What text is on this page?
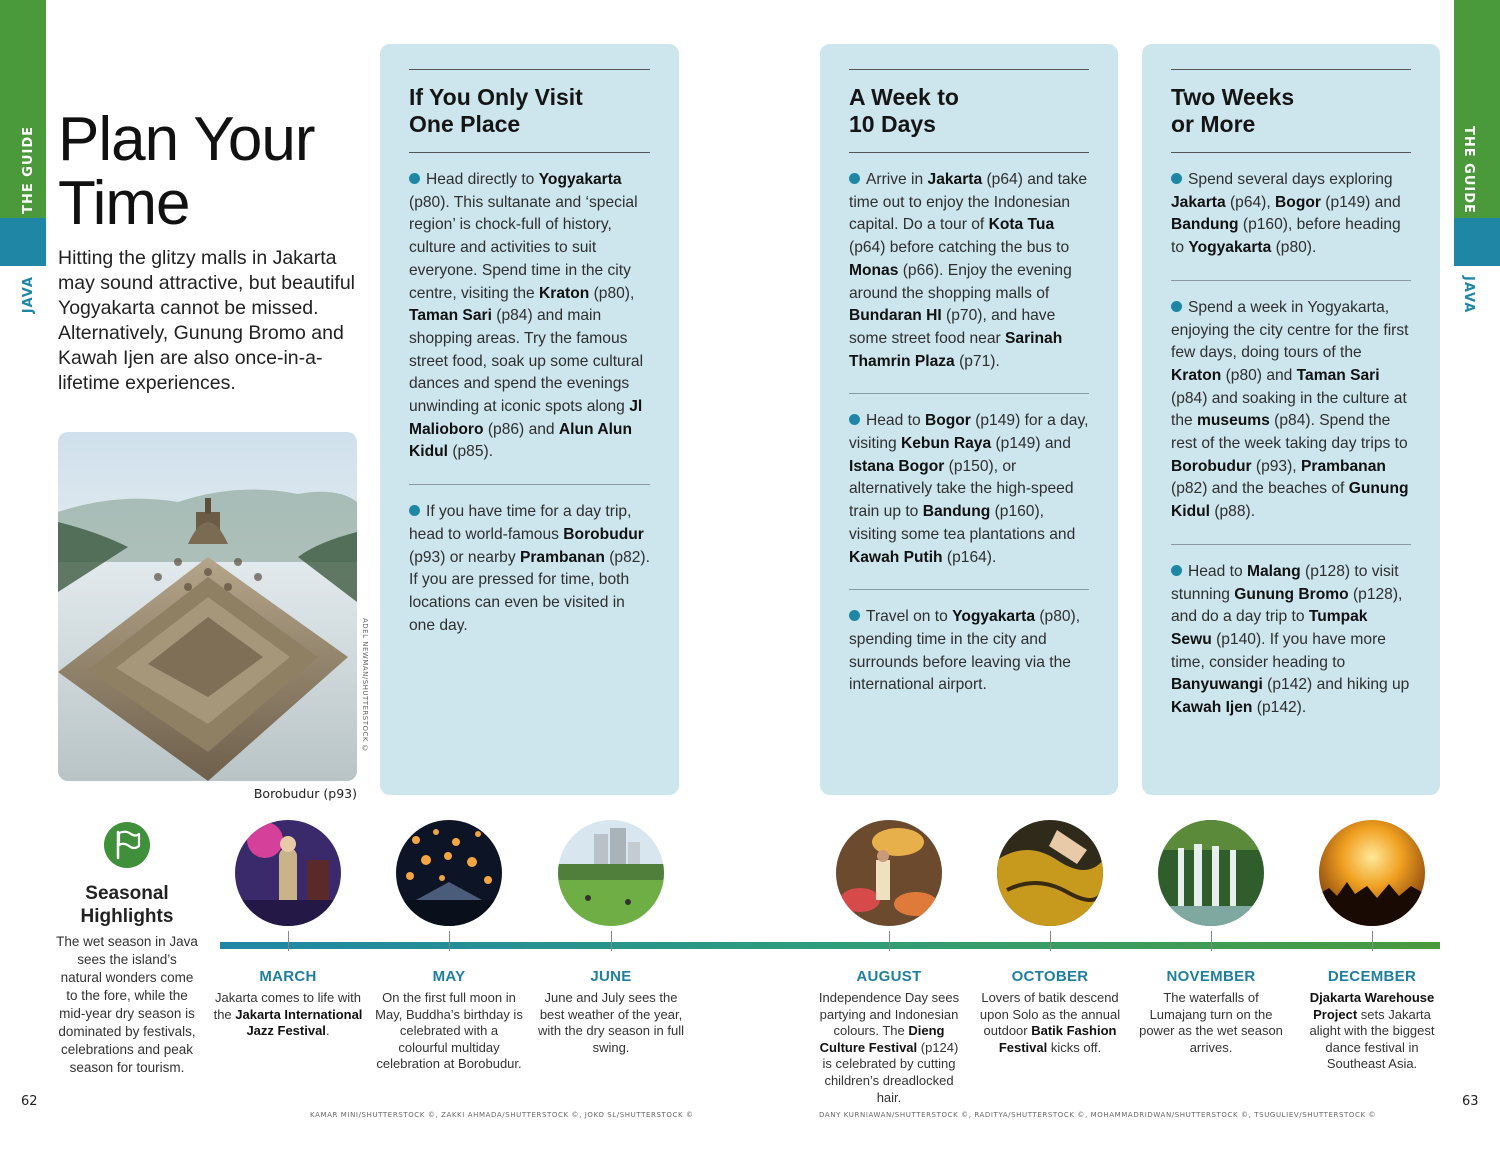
THE GUIDE
JAVA
THE GUIDE
JAVA
Plan Your
Time
Hitting the glitzy malls in Jakarta may sound attractive, but beautiful Yogyakarta cannot be missed. Alternatively, Gunung Bromo and Kawah Ijen are also once-in-a-lifetime experiences.
ADEL NEWMAN/SHUTTERSTOCK ©
Borobudur (p93)
If You Only Visit
One Place
Head directly to Yogyakarta (p80). This sultanate and ‘special region’ is chock-full of history, culture and activities to suit everyone. Spend time in the city centre, visiting the Kraton (p80), Taman Sari (p84) and main shopping areas. Try the famous street food, soak up some cultural dances and spend the evenings unwinding at iconic spots along Jl Malioboro (p86) and Alun Alun Kidul (p85).
If you have time for a day trip, head to world-famous Borobudur (p93) or nearby Prambanan (p82). If you are pressed for time, both locations can even be visited in one day.
A Week to
10 Days
Arrive in Jakarta (p64) and take time out to enjoy the Indonesian capital. Do a tour of Kota Tua (p64) before catching the bus to Monas (p66). Enjoy the evening around the shopping malls of Bundaran HI (p70), and have some street food near Sarinah Thamrin Plaza (p71).
Head to Bogor (p149) for a day, visiting Kebun Raya (p149) and Istana Bogor (p150), or alternatively take the high-speed train up to Bandung (p160), visiting some tea plantations and Kawah Putih (p164).
Travel on to Yogyakarta (p80), spending time in the city and surrounds before leaving via the international airport.
Two Weeks
or More
Spend several days exploring Jakarta (p64), Bogor (p149) and Bandung (p160), before heading to Yogyakarta (p80).
Spend a week in Yogyakarta, enjoying the city centre for the first few days, doing tours of the Kraton (p80) and Taman Sari (p84) and soaking in the culture at the museums (p84). Spend the rest of the week taking day trips to Borobudur (p93), Prambanan (p82) and the beaches of Gunung Kidul (p88).
Head to Malang (p128) to visit stunning Gunung Bromo (p128), and do a day trip to Tumpak Sewu (p140). If you have more time, consider heading to Banyuwangi (p142) and hiking up Kawah Ijen (p142).
Seasonal Highlights
The wet season in Java sees the island’s natural wonders come to the fore, while the mid-year dry season is dominated by festivals, celebrations and peak season for tourism.
MARCH
Jakarta comes to life with the Jakarta International Jazz Festival.
MAY
On the first full moon in May, Buddha’s birthday is celebrated with a colourful multiday celebration at Borobudur.
JUNE
June and July sees the best weather of the year, with the dry season in full swing.
AUGUST
Independence Day sees partying and Indonesian colours. The Dieng Culture Festival (p124) is celebrated by cutting children’s dreadlocked hair.
OCTOBER
Lovers of batik descend upon Solo as the annual outdoor Batik Fashion Festival kicks off.
NOVEMBER
The waterfalls of Lumajang turn on the power as the wet season arrives.
DECEMBER
Djakarta Warehouse Project sets Jakarta alight with the biggest dance festival in Southeast Asia.
62	63
KAMAR MINI/SHUTTERSTOCK ©, ZAKKI AHMADA/SHUTTERSTOCK ©, JOKO SL/SHUTTERSTOCK ©	DANY KURNIAWAN/SHUTTERSTOCK ©, RADITYA/SHUTTERSTOCK ©, MOHAMMADRIDWAN/SHUTTERSTOCK ©, TSUGULIEV/SHUTTERSTOCK ©
